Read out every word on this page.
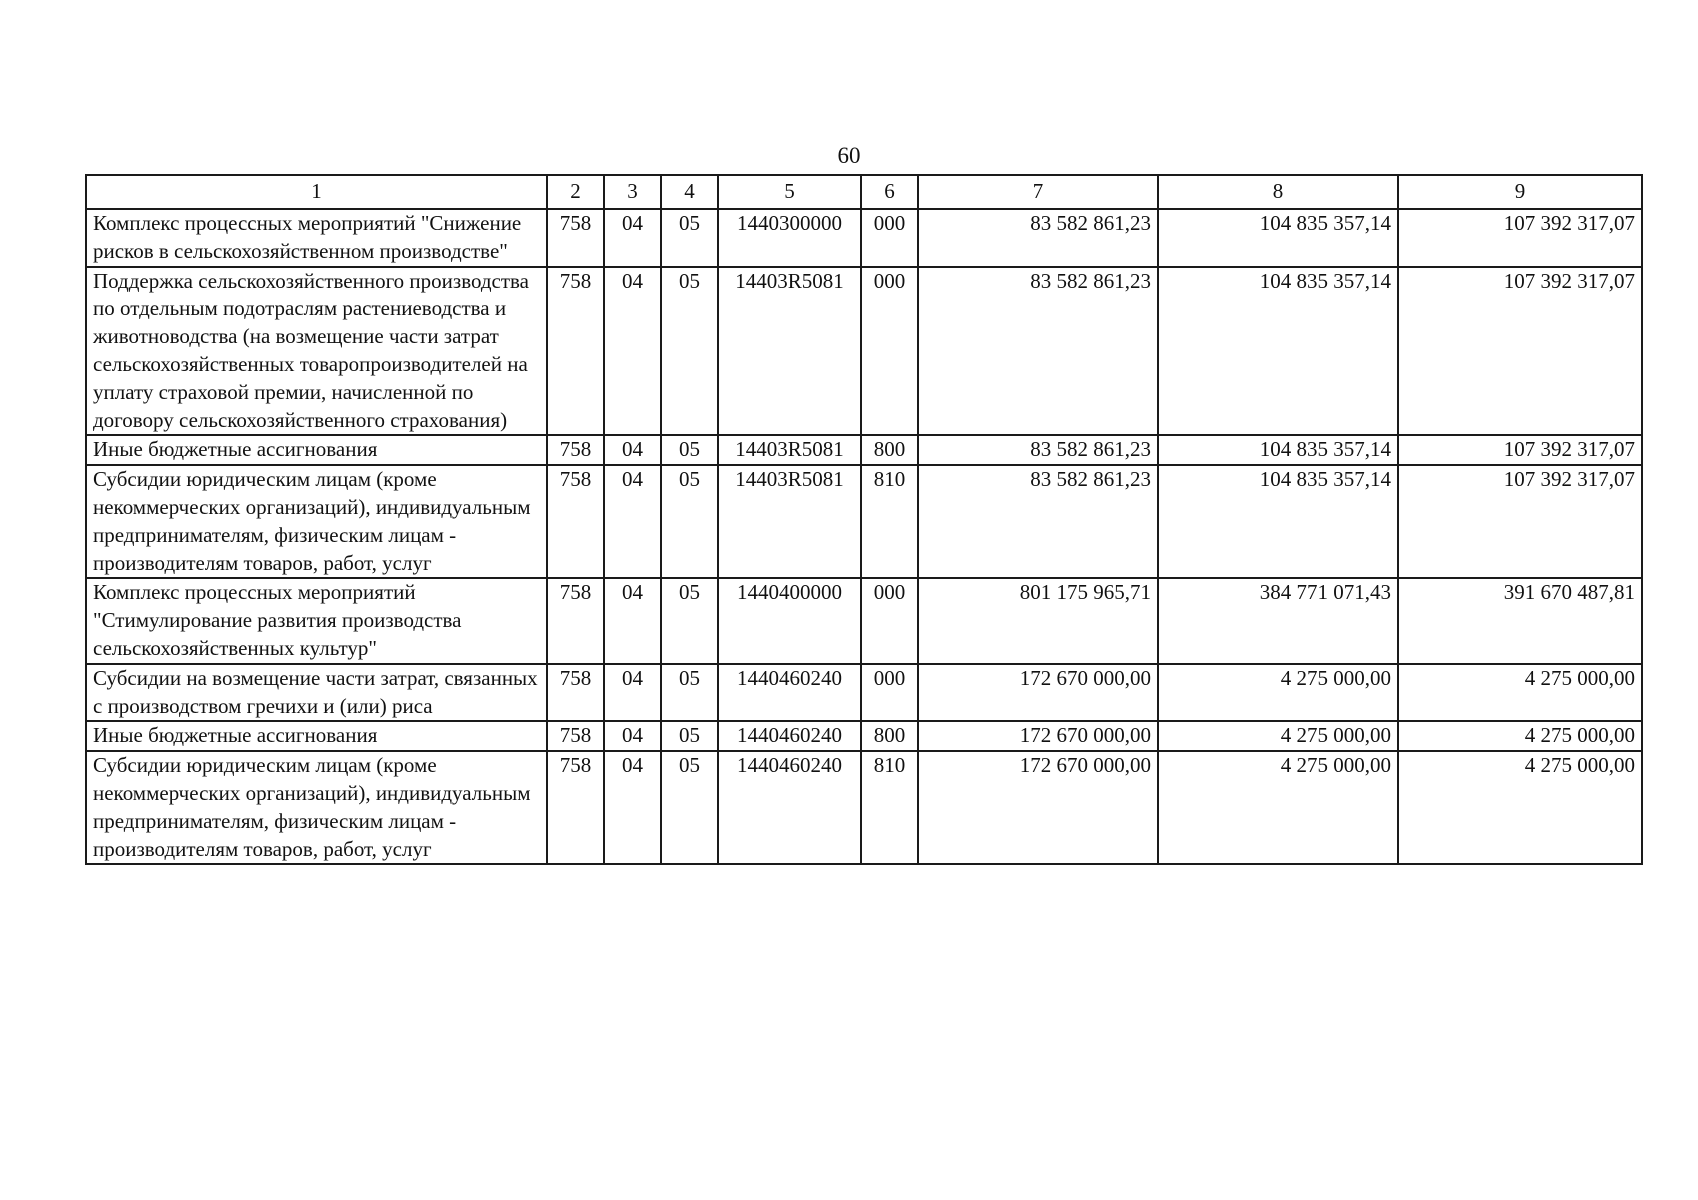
60
1	2	3	4	5	6	7	8	9
Комплекс процессных мероприятий "Снижение рисков в сельскохозяйственном производстве"	758	04	05	1440300000	000	83 582 861,23	104 835 357,14	107 392 317,07
Поддержка сельскохозяйственного производства по отдельным подотраслям растениеводства и животноводства (на возмещение части затрат сельскохозяйственных товаропроизводителей на уплату страховой премии, начисленной по договору сельскохозяйственного страхования)	758	04	05	14403R5081	000	83 582 861,23	104 835 357,14	107 392 317,07
Иные бюджетные ассигнования	758	04	05	14403R5081	800	83 582 861,23	104 835 357,14	107 392 317,07
Субсидии юридическим лицам (кроме некоммерческих организаций), индивидуальным предпринимателям, физическим лицам - производителям товаров, работ, услуг	758	04	05	14403R5081	810	83 582 861,23	104 835 357,14	107 392 317,07
Комплекс процессных мероприятий "Стимулирование развития производства сельскохозяйственных культур"	758	04	05	1440400000	000	801 175 965,71	384 771 071,43	391 670 487,81
Субсидии на возмещение части затрат, связанных с производством гречихи и (или) риса	758	04	05	1440460240	000	172 670 000,00	4 275 000,00	4 275 000,00
Иные бюджетные ассигнования	758	04	05	1440460240	800	172 670 000,00	4 275 000,00	4 275 000,00
Субсидии юридическим лицам (кроме некоммерческих организаций), индивидуальным предпринимателям, физическим лицам - производителям товаров, работ, услуг	758	04	05	1440460240	810	172 670 000,00	4 275 000,00	4 275 000,00
